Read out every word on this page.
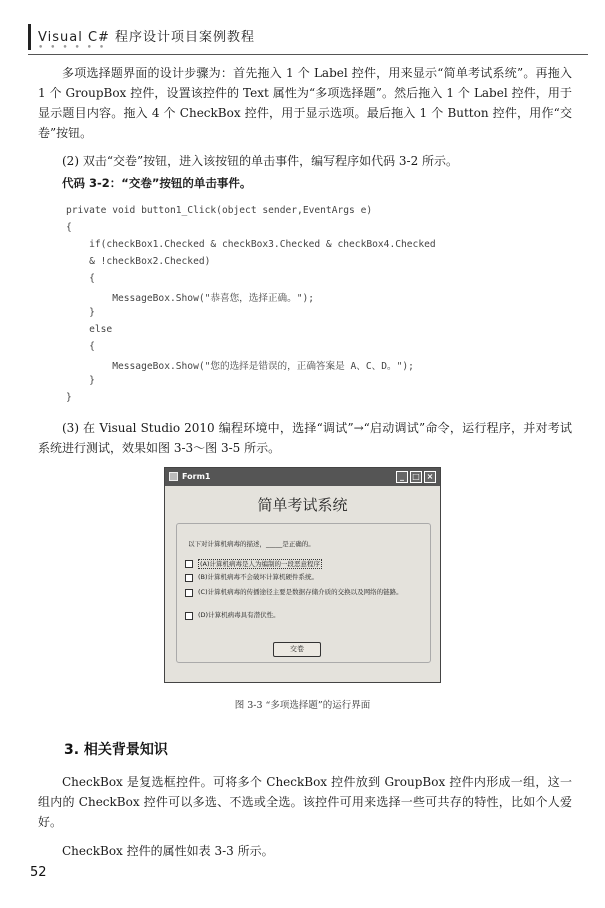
Visual C# 程序设计项目案例教程
• • • • • •
多项选择题界面的设计步骤为：首先拖入 1 个 Label 控件，用来显示“简单考试系统”。再拖入 1 个 GroupBox 控件，设置该控件的 Text 属性为“多项选择题”。然后拖入 1 个 Label 控件，用于显示题目内容。拖入 4 个 CheckBox 控件，用于显示选项。最后拖入 1 个 Button 控件，用作“交卷”按钮。
(2) 双击“交卷”按钮，进入该按钮的单击事件，编写程序如代码 3-2 所示。
代码 3-2：“交卷”按钮的单击事件。
private void button1_Click(object sender,EventArgs e)
{
if(checkBox1.Checked & checkBox3.Checked & checkBox4.Checked
& !checkBox2.Checked)
{
MessageBox.Show("恭喜您，选择正确。");
}
else
{
MessageBox.Show("您的选择是错误的，正确答案是 A、C、D。");
}
}
(3) 在 Visual Studio 2010 编程环境中，选择“调试”→“启动调试”命令，运行程序，并对考试系统进行测试，效果如图 3-3～图 3-5 所示。
Form1	_	□ ×
简单考试系统
以下对计算机病毒的描述，_____是正确的。
(A)计算机病毒是人为编制的一段恶意程序
(B)计算机病毒不会破坏计算机硬件系统。
(C)计算机病毒的传播途径主要是数据存储介质的交换以及网络的链路。
(D)计算机病毒具有潜伏性。
交卷
图 3-3 “多项选择题”的运行界面
3. 相关背景知识
CheckBox 是复选框控件。可将多个 CheckBox 控件放到 GroupBox 控件内形成一组，这一组内的 CheckBox 控件可以多选、不选或全选。该控件可用来选择一些可共存的特性，比如个人爱好。
CheckBox 控件的属性如表 3-3 所示。
52
